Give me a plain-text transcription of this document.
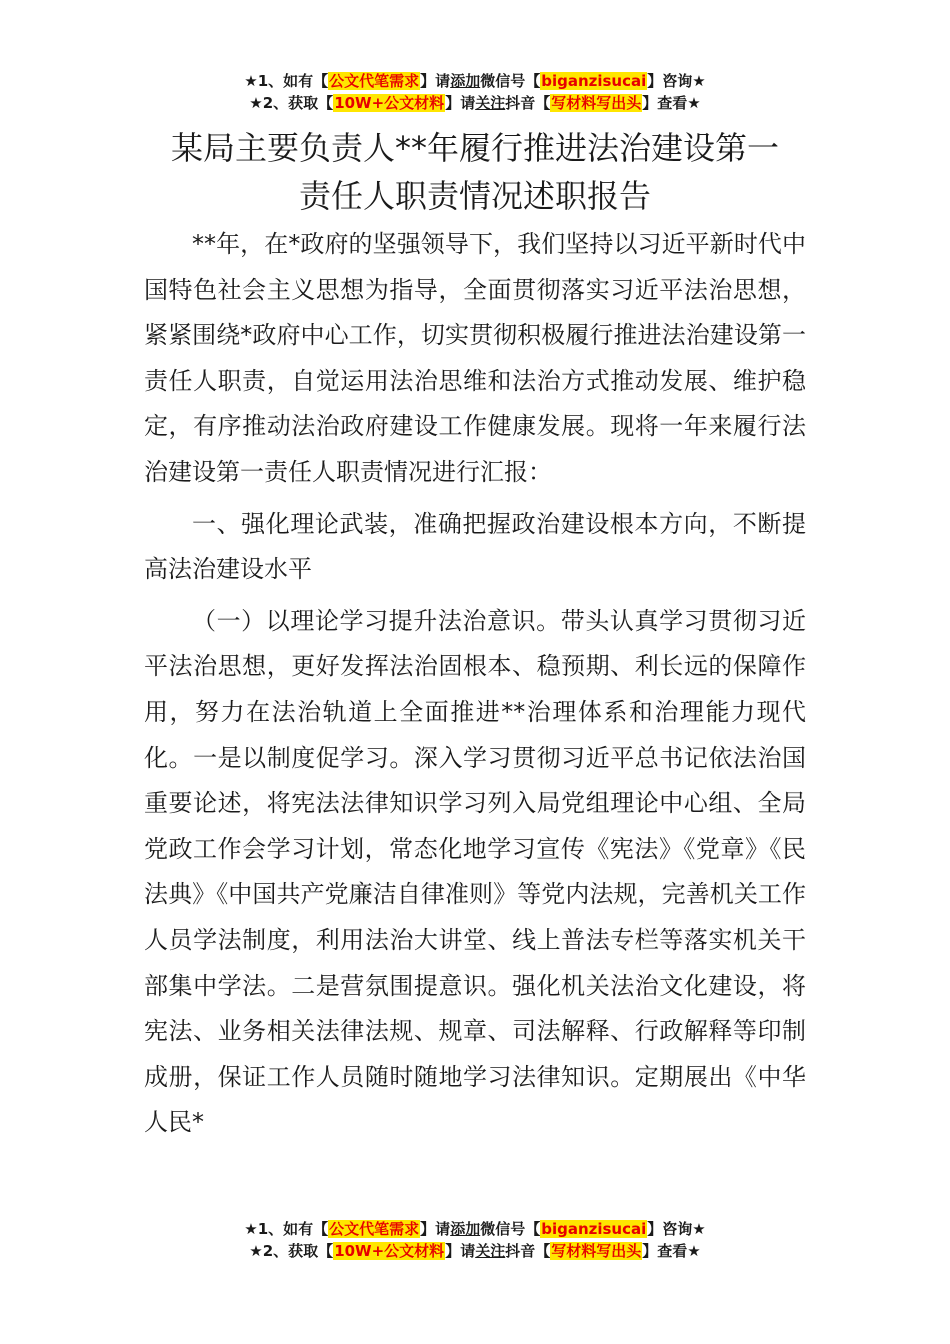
★1、如有【公文代笔需求】请添加微信号【biganzisucai】咨询★
★2、获取【10W+公文材料】请关注抖音【写材料写出头】查看★
某局主要负责人**年履行推进法治建设第一
责任人职责情况述职报告

**年，在*政府的坚强领导下，我们坚持以习近平新时代中国特色社会主义思想为指导，全面贯彻落实习近平法治思想，紧紧围绕*政府中心工作，切实贯彻积极履行推进法治建设第一责任人职责，自觉运用法治思维和法治方式推动发展、维护稳定，有序推动法治政府建设工作健康发展。现将一年来履行法治建设第一责任人职责情况进行汇报：

一、强化理论武装，准确把握政治建设根本方向，不断提高法治建设水平

（一）以理论学习提升法治意识。带头认真学习贯彻习近平法治思想，更好发挥法治固根本、稳预期、利长远的保障作用，努力在法治轨道上全面推进**治理体系和治理能力现代化。一是以制度促学习。深入学习贯彻习近平总书记依法治国重要论述，将宪法法律知识学习列入局党组理论中心组、全局党政工作会学习计划，常态化地学习宣传《宪法》《党章》《民法典》《中国共产党廉洁自律准则》等党内法规，完善机关工作人员学法制度，利用法治大讲堂、线上普法专栏等落实机关干部集中学法。二是营氛围提意识。强化机关法治文化建设，将宪法、业务相关法律法规、规章、司法解释、行政解释等印制成册，保证工作人员随时随地学习法律知识。定期展出《中华人民*

★1、如有【公文代笔需求】请添加微信号【biganzisucai】咨询★
★2、获取【10W+公文材料】请关注抖音【写材料写出头】查看★
